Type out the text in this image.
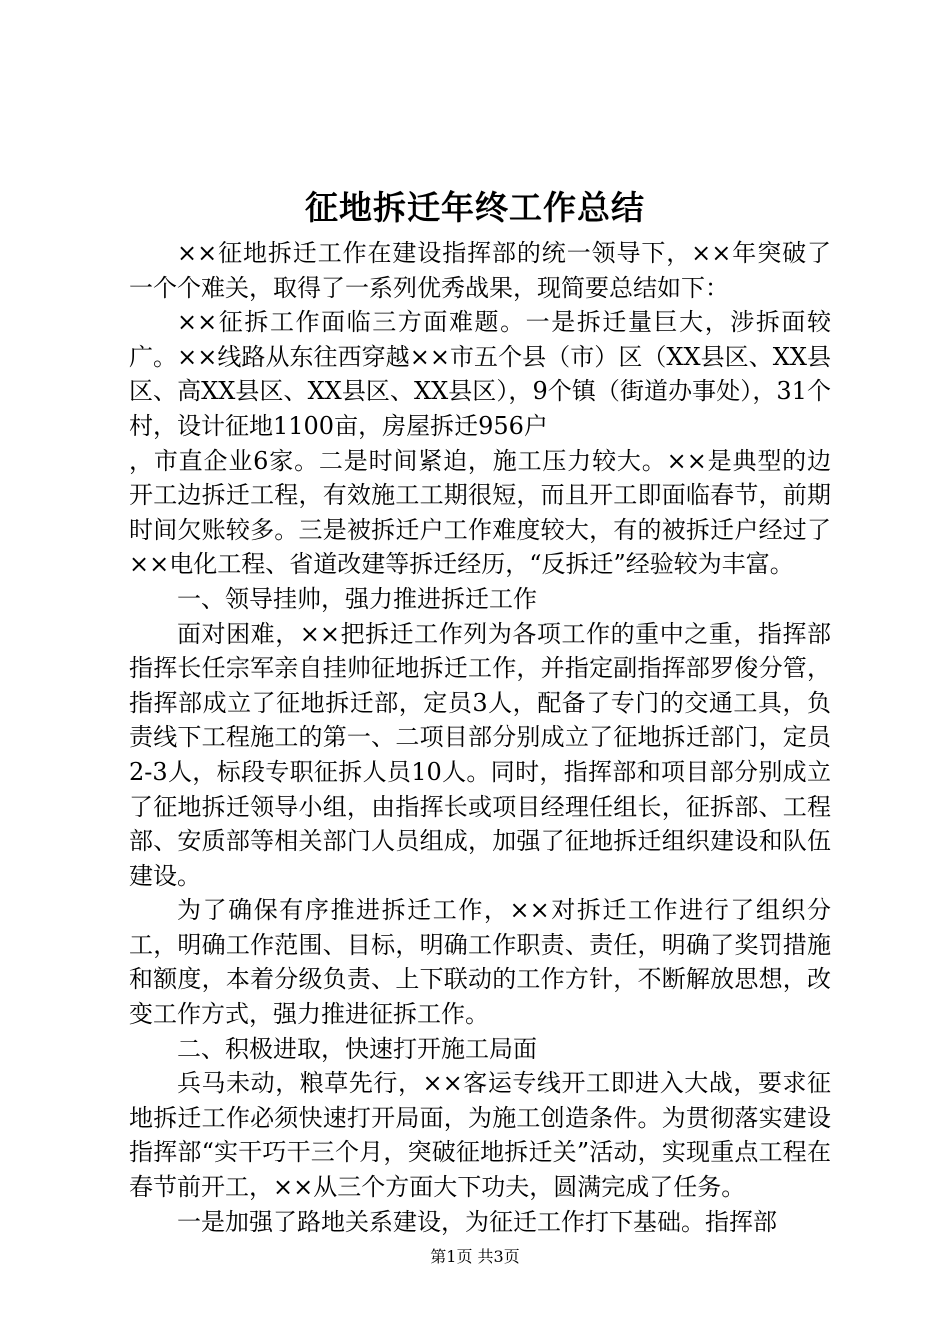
征地拆迁年终工作总结

××征地拆迁工作在建设指挥部的统一领导下，××年突破了一个个难关，取得了一系列优秀战果，现简要总结如下：

××征拆工作面临三方面难题。一是拆迁量巨大，涉拆面较广。××线路从东往西穿越××市五个县（市）区（XX县区、XX县区、高XX县区、XX县区、XX县区），9个镇（街道办事处），31个村，设计征地1100亩，房屋拆迁956户

，市直企业6家。二是时间紧迫，施工压力较大。××是典型的边开工边拆迁工程，有效施工工期很短，而且开工即面临春节，前期时间欠账较多。三是被拆迁户工作难度较大，有的被拆迁户经过了××电化工程、省道改建等拆迁经历，“反拆迁”经验较为丰富。

一、领导挂帅，强力推进拆迁工作

面对困难，××把拆迁工作列为各项工作的重中之重，指挥部指挥长任宗军亲自挂帅征地拆迁工作，并指定副指挥部罗俊分管，指挥部成立了征地拆迁部，定员3人，配备了专门的交通工具，负责线下工程施工的第一、二项目部分别成立了征地拆迁部门，定员2-3人，标段专职征拆人员10人。同时，指挥部和项目部分别成立了征地拆迁领导小组，由指挥长或项目经理任组长，征拆部、工程部、安质部等相关部门人员组成，加强了征地拆迁组织建设和队伍建设。

为了确保有序推进拆迁工作，××对拆迁工作进行了组织分工，明确工作范围、目标，明确工作职责、责任，明确了奖罚措施和额度，本着分级负责、上下联动的工作方针，不断解放思想，改变工作方式，强力推进征拆工作。

二、积极进取，快速打开施工局面

兵马未动，粮草先行，××客运专线开工即进入大战，要求征地拆迁工作必须快速打开局面，为施工创造条件。为贯彻落实建设指挥部“实干巧干三个月，突破征地拆迁关”活动，实现重点工程在春节前开工，××从三个方面大下功夫，圆满完成了任务。

一是加强了路地关系建设，为征迁工作打下基础。指挥部

第1页 共3页
